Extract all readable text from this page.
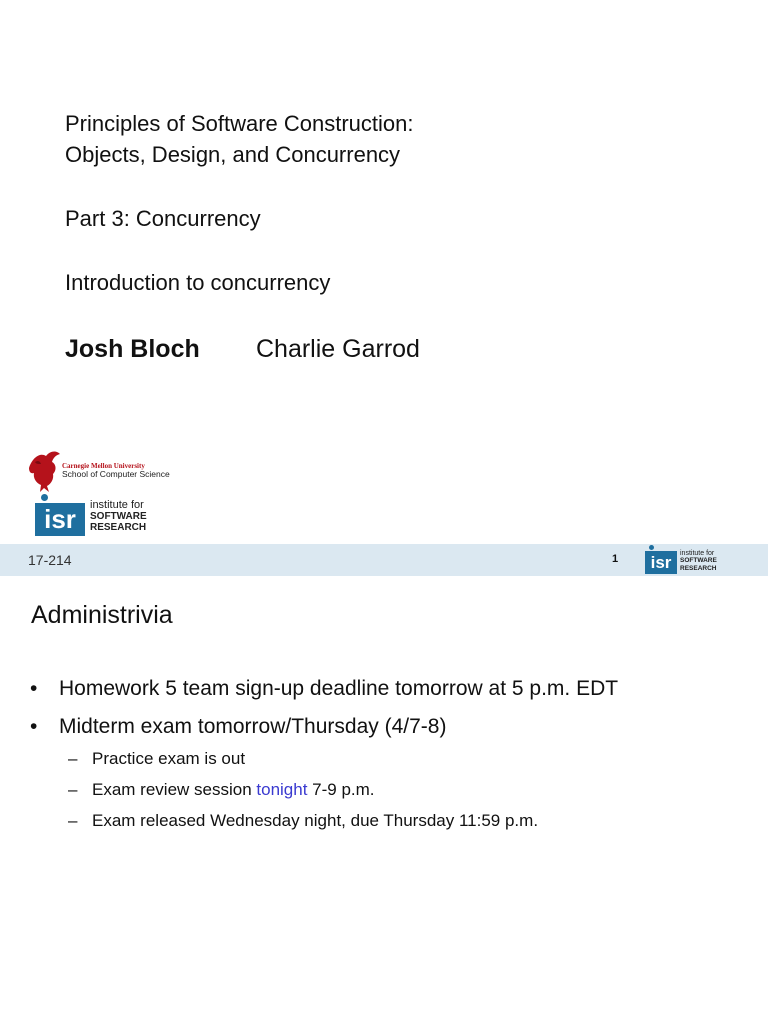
Principles of Software Construction:
Objects, Design, and Concurrency
Part 3: Concurrency
Introduction to concurrency
Josh Bloch Charlie Garrod
Carnegie Mellon University
School of Computer Science
isr	institute for
SOFTWARE
RESEARCH
17-214	1	isr	institute for
SOFTWARE
RESEARCH
Administrivia
• Homework 5 team sign-up deadline tomorrow at 5 p.m. EDT
• Midterm exam tomorrow/Thursday (4/7-8)
– Practice exam is out
– Exam review session tonight 7-9 p.m.
– Exam released Wednesday night, due Thursday 11:59 p.m.
